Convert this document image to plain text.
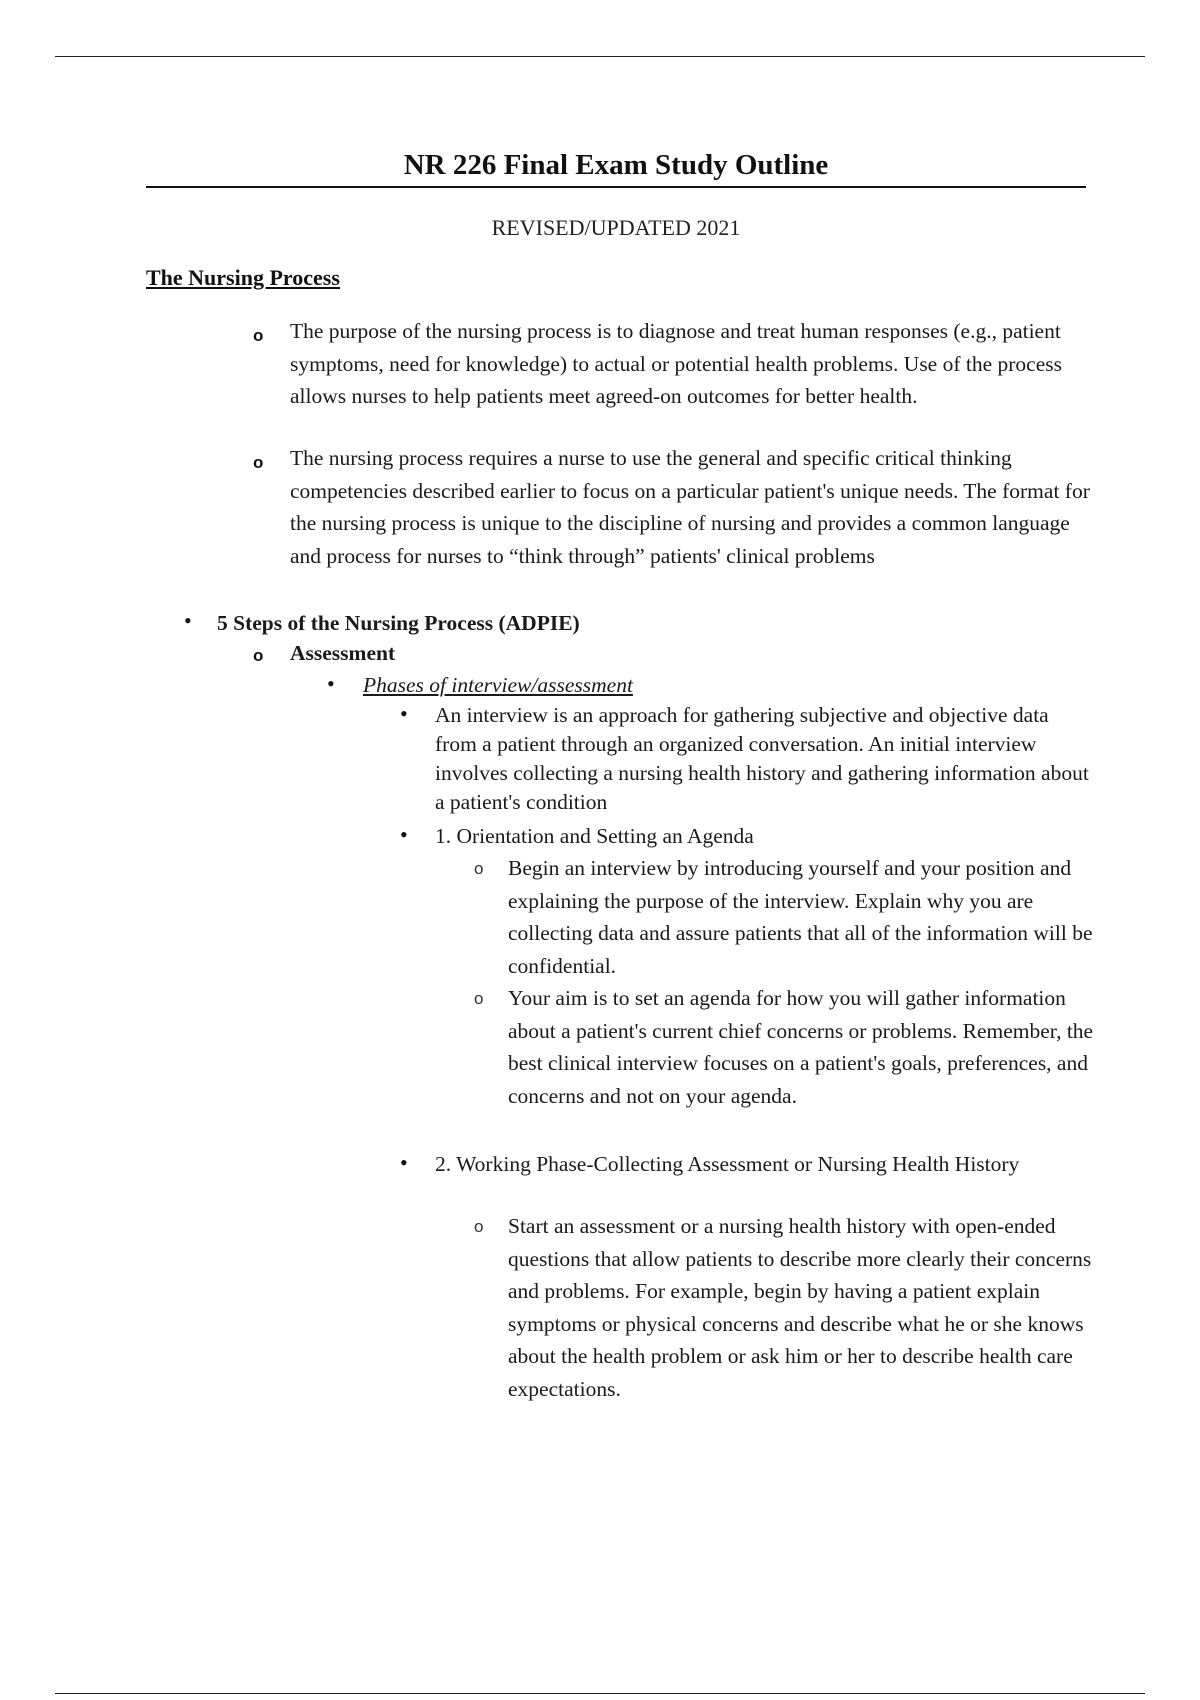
NR 226 Final Exam Study Outline
REVISED/UPDATED 2021
The Nursing Process
o The purpose of the nursing process is to diagnose and treat human responses (e.g., patient symptoms, need for knowledge) to actual or potential health problems. Use of the process allows nurses to help patients meet agreed-on outcomes for better health.
o The nursing process requires a nurse to use the general and specific critical thinking competencies described earlier to focus on a particular patient's unique needs. The format for the nursing process is unique to the discipline of nursing and provides a common language and process for nurses to “think through” patients' clinical problems
• 5 Steps of the Nursing Process (ADPIE)
o Assessment
• Phases of interview/assessment
• An interview is an approach for gathering subjective and objective data from a patient through an organized conversation. An initial interview involves collecting a nursing health history and gathering information about a patient's condition
• 1. Orientation and Setting an Agenda
o Begin an interview by introducing yourself and your position and explaining the purpose of the interview. Explain why you are collecting data and assure patients that all of the information will be confidential.
o Your aim is to set an agenda for how you will gather information about a patient's current chief concerns or problems. Remember, the best clinical interview focuses on a patient's goals, preferences, and concerns and not on your agenda.
• 2. Working Phase-Collecting Assessment or Nursing Health History
o Start an assessment or a nursing health history with open-ended questions that allow patients to describe more clearly their concerns and problems. For example, begin by having a patient explain symptoms or physical concerns and describe what he or she knows about the health problem or ask him or her to describe health care expectations.
